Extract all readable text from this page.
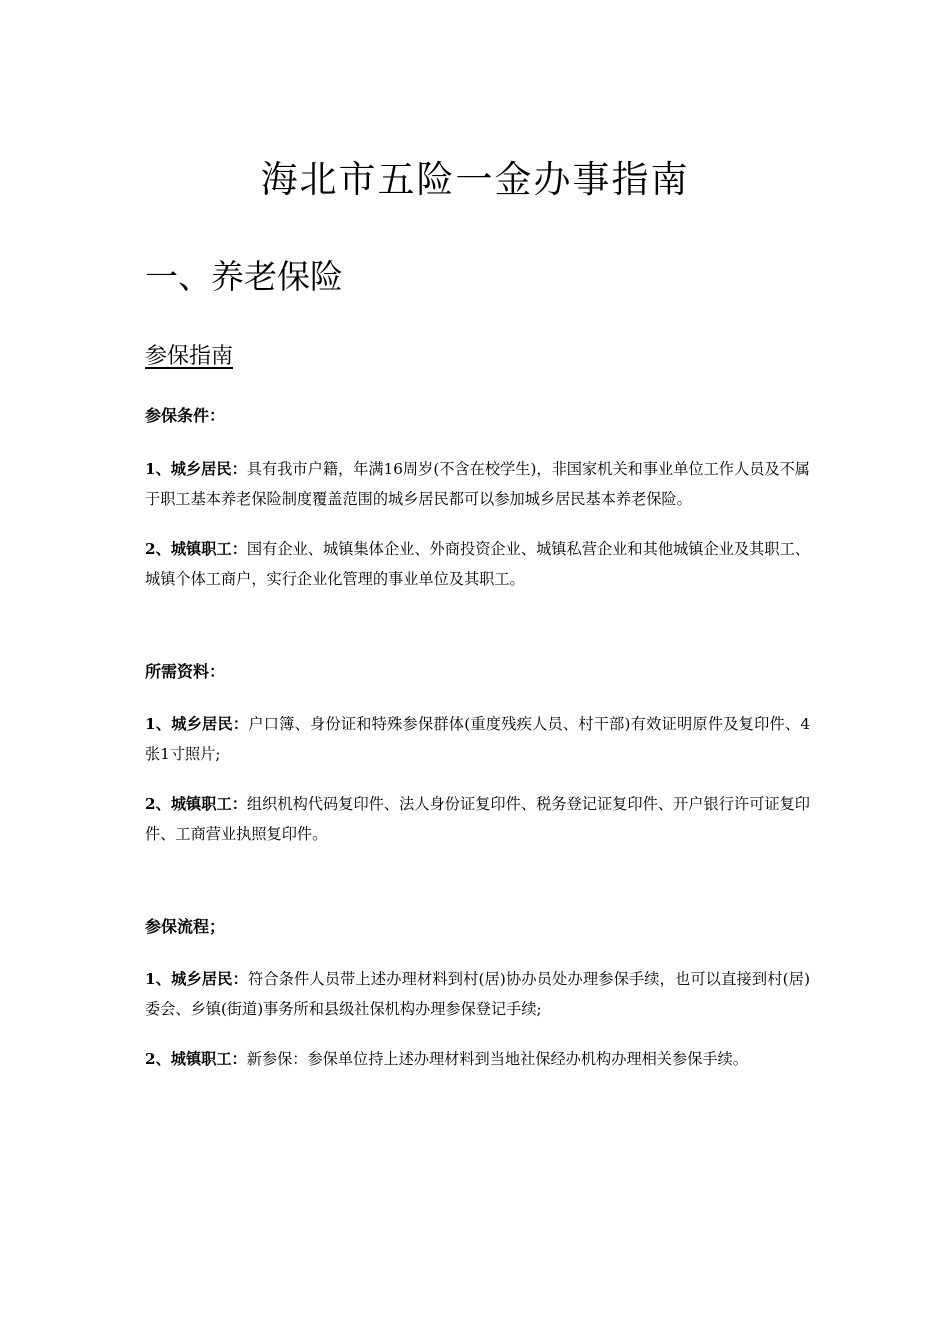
海北市五险一金办事指南
一、养老保险
参保指南
参保条件：
1、城乡居民：具有我市户籍，年满16周岁(不含在校学生)，非国家机关和事业单位工作人员及不属于职工基本养老保险制度覆盖范围的城乡居民都可以参加城乡居民基本养老保险。
2、城镇职工：国有企业、城镇集体企业、外商投资企业、城镇私营企业和其他城镇企业及其职工、城镇个体工商户，实行企业化管理的事业单位及其职工。
所需资料：
1、城乡居民：户口簿、身份证和特殊参保群体(重度残疾人员、村干部)有效证明原件及复印件、4张1寸照片;
2、城镇职工：组织机构代码复印件、法人身份证复印件、税务登记证复印件、开户银行许可证复印件、工商营业执照复印件。
参保流程；
1、城乡居民：符合条件人员带上述办理材料到村(居)协办员处办理参保手续，也可以直接到村(居)委会、乡镇(街道)事务所和县级社保机构办理参保登记手续;
2、城镇职工：新参保：参保单位持上述办理材料到当地社保经办机构办理相关参保手续。
